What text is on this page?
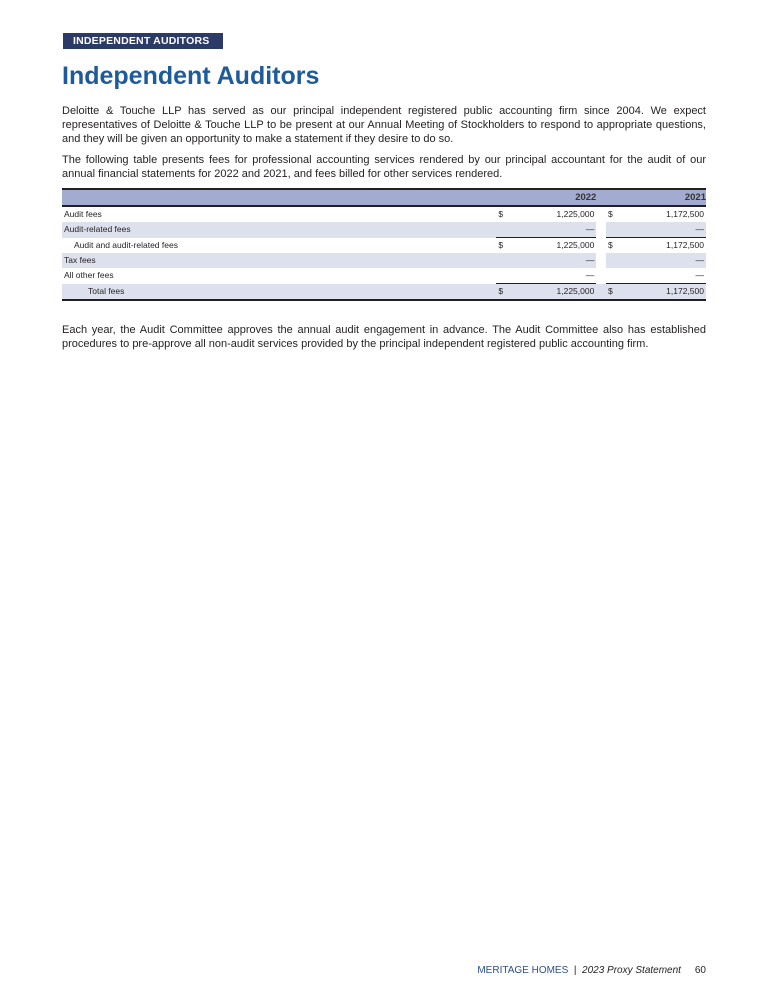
INDEPENDENT AUDITORS
Independent Auditors

Deloitte & Touche LLP has served as our principal independent registered public accounting firm since 2004. We expect representatives of Deloitte & Touche LLP to be present at our Annual Meeting of Stockholders to respond to appropriate questions, and they will be given an opportunity to make a statement if they desire to do so.

The following table presents fees for professional accounting services rendered by our principal accountant for the audit of our annual financial statements for 2022 and 2021, and fees billed for other services rendered.

		2022			2021
Audit fees	$	1,225,000		$	1,172,500
Audit-related fees		—			—
Audit and audit-related fees	$	1,225,000		$	1,172,500
Tax fees		—			—
All other fees		—			—
Total fees	$	1,225,000		$	1,172,500

Each year, the Audit Committee approves the annual audit engagement in advance. The Audit Committee also has established procedures to pre-approve all non-audit services provided by the principal independent registered public accounting firm.

MERITAGE HOMES | 2023 Proxy Statement 60
